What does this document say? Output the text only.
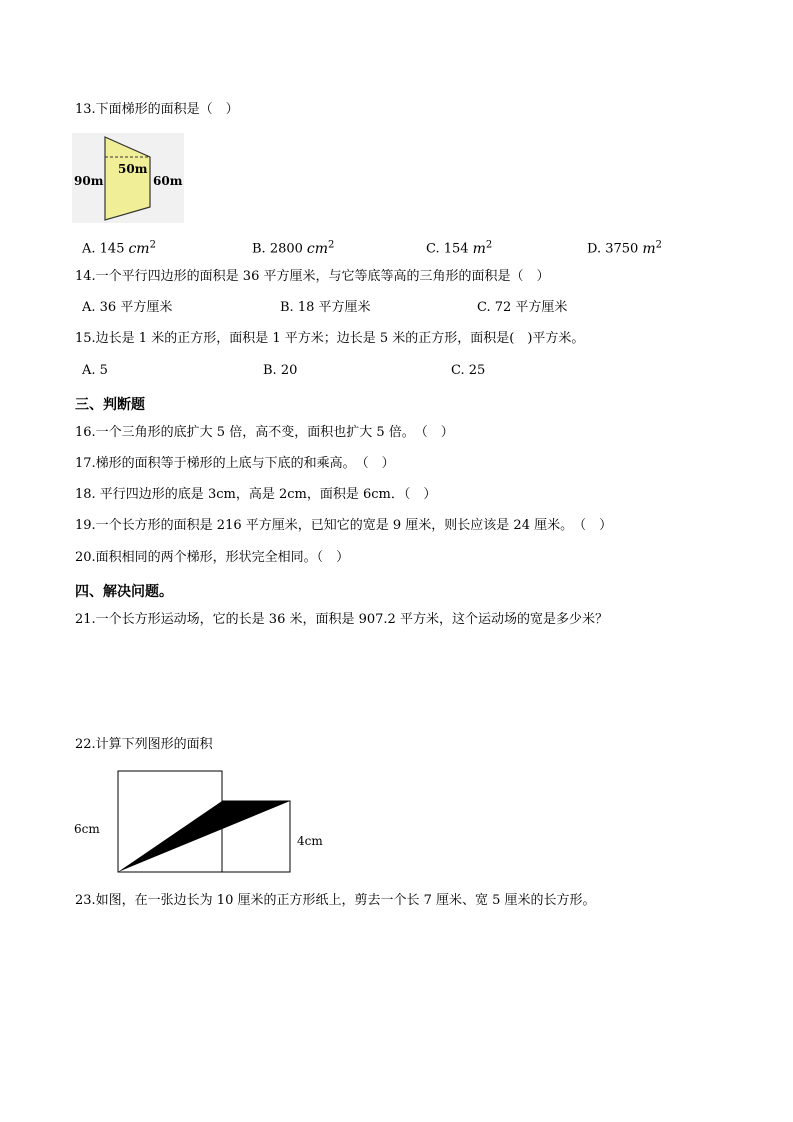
13.下面梯形的面积是（　）
90m
50m
60m
A. 145 $cm^2$	B. 2800 $cm^2$	C. 154 $m^2$	D. 3750 $m^2$
14.一个平行四边形的面积是 36 平方厘米，与它等底等高的三角形的面积是（　）
A. 36 平方厘米	B. 18 平方厘米	C. 72 平方厘米
15.边长是 1 米的正方形，面积是 1 平方米；边长是 5 米的正方形，面积是(　)平方米。
A. 5	B. 20	C. 25
三、判断题
16.一个三角形的底扩大 5 倍，高不变，面积也扩大 5 倍。　（　）
17.梯形的面积等于梯形的上底与下底的和乘高。　（　）
18. 平行四边形的底是 3cm，高是 2cm，面积是 6cm．（　）
19.一个长方形的面积是 216 平方厘米，已知它的宽是 9 厘米，则长应该是 24 厘米。　（　）
20.面积相同的两个梯形，形状完全相同。（　）
四、解决问题。
21.一个长方形运动场，它的长是 36 米，面积是 907.2 平方米，这个运动场的宽是多少米？
22.计算下列图形的面积
6cm
4cm
23.如图，在一张边长为 10 厘米的正方形纸上，剪去一个长 7 厘米、宽 5 厘米的长方形。
